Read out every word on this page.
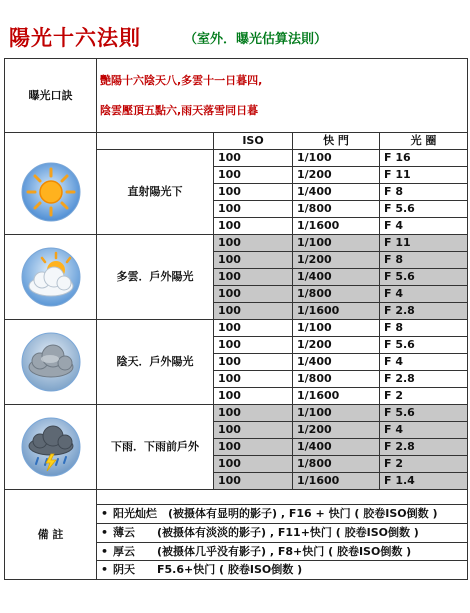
陽光十六法則	（室外．曝光估算法則）
曝光口訣	艷陽十六陰天八,多雲十一日暮四,
陰雲壓頂五點六,雨天落雪同日暮			

		ISO	快 門	光 圈

	直射陽光下	100	1/100	F 16
		100	1/200	F 11
		100	1/400	F 8
		100	1/800	F 5.6
		100	1/1600	F 4

	多雲．戶外陽光	100	1/100	F 11
		100	1/200	F 8
		100	1/400	F 5.6
		100	1/800	F 4
		100	1/1600	F 2.8

	陰天．戶外陽光	100	1/100	F 8
		100	1/200	F 5.6
		100	1/400	F 4
		100	1/800	F 2.8
		100	1/1600	F 2

	下雨．下雨前戶外	100	1/100	F 5.6
		100	1/200	F 4
		100	1/400	F 2.8
		100	1/800	F 2
		100	1/1600	F 1.4
備 註				
	• 阳光灿烂　(被摄体有显明的影子) , F16 + 快门 ( 胶卷ISO倒数 )			
	• 薄云　　(被摄体有淡淡的影子) , F11+快门 ( 胶卷ISO倒数 )			
	• 厚云　　(被摄体几乎没有影子) , F8+快门 ( 胶卷ISO倒数 )			
	• 阴天　　F5.6+快门 ( 胶卷ISO倒数 )			
